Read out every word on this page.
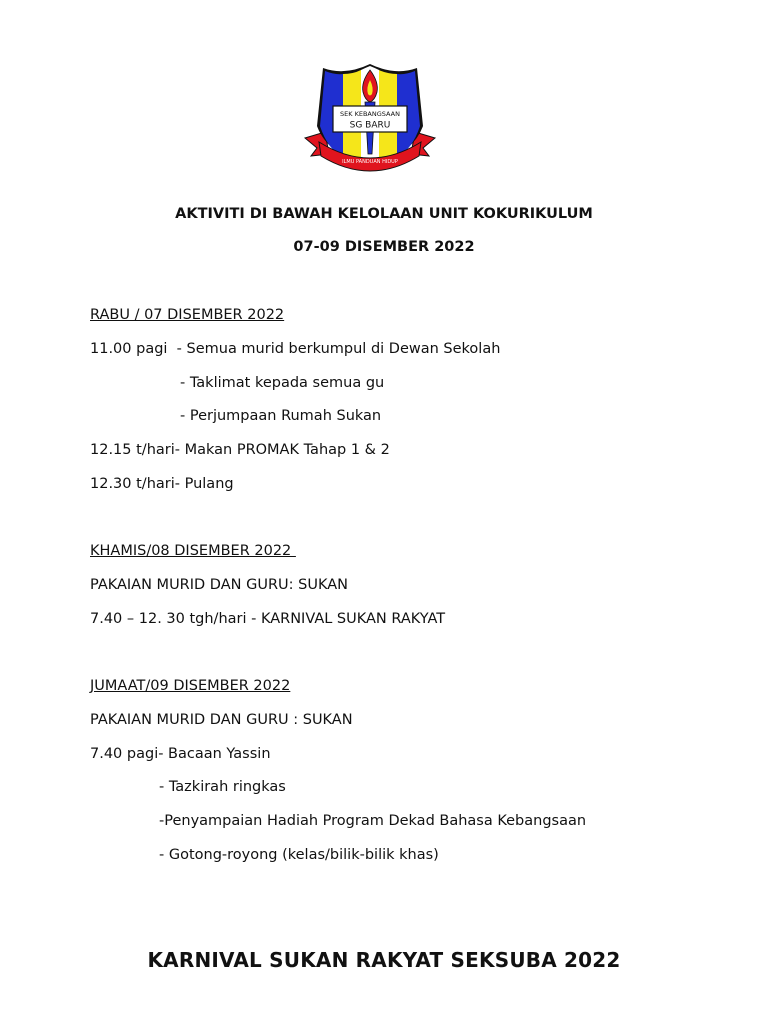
SEK KEBANGSAAN
SG BARU
ILMU PANDUAN HIDUP
AKTIVITI DI BAWAH KELOLAAN UNIT KOKURIKULUM
07-09 DISEMBER 2022
RABU / 07 DISEMBER 2022
11.00 pagi  - Semua murid berkumpul di Dewan Sekolah
- Taklimat kepada semua gu
- Perjumpaan Rumah Sukan
12.15 t/hari- Makan PROMAK Tahap 1 & 2
12.30 t/hari- Pulang
KHAMIS/08 DISEMBER 2022
PAKAIAN MURID DAN GURU: SUKAN
7.40 – 12. 30 tgh/hari - KARNIVAL SUKAN RAKYAT
JUMAAT/09 DISEMBER 2022
PAKAIAN MURID DAN GURU : SUKAN
7.40 pagi- Bacaan Yassin
- Tazkirah ringkas
-Penyampaian Hadiah Program Dekad Bahasa Kebangsaan
- Gotong-royong (kelas/bilik-bilik khas)
KARNIVAL SUKAN RAKYAT SEKSUBA 2022
